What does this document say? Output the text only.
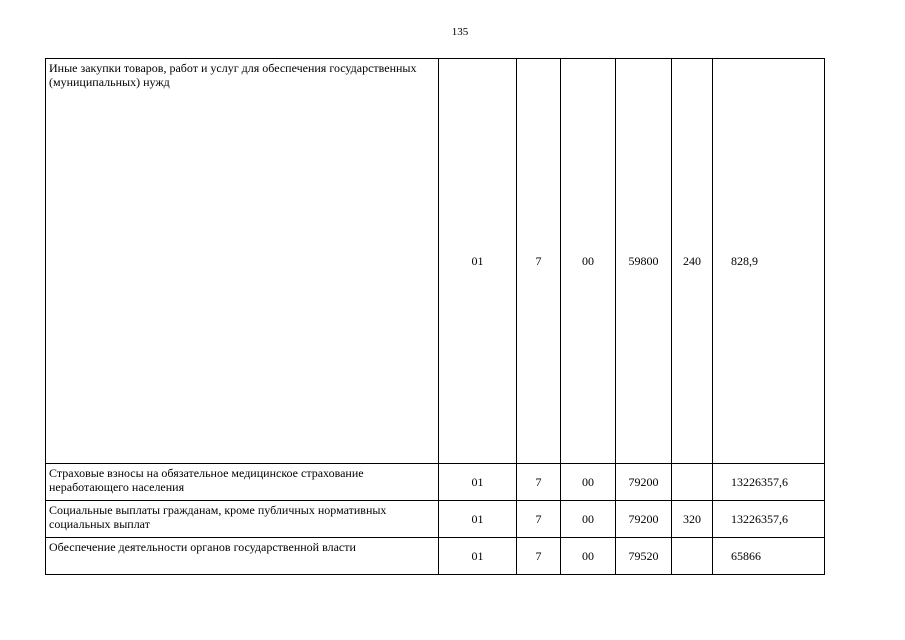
135
Иные закупки товаров, работ и услуг для обеспечения государственных (муниципальных) нужд	01	7	00	59800	240	828,9
Страховые взносы на обязательное медицинское страхование неработающего населения	01	7	00	79200		13226357,6
Социальные выплаты гражданам, кроме публичных нормативных социальных выплат	01	7	00	79200	320	13226357,6
Обеспечение деятельности органов государственной власти	01	7	00	79520		65866
